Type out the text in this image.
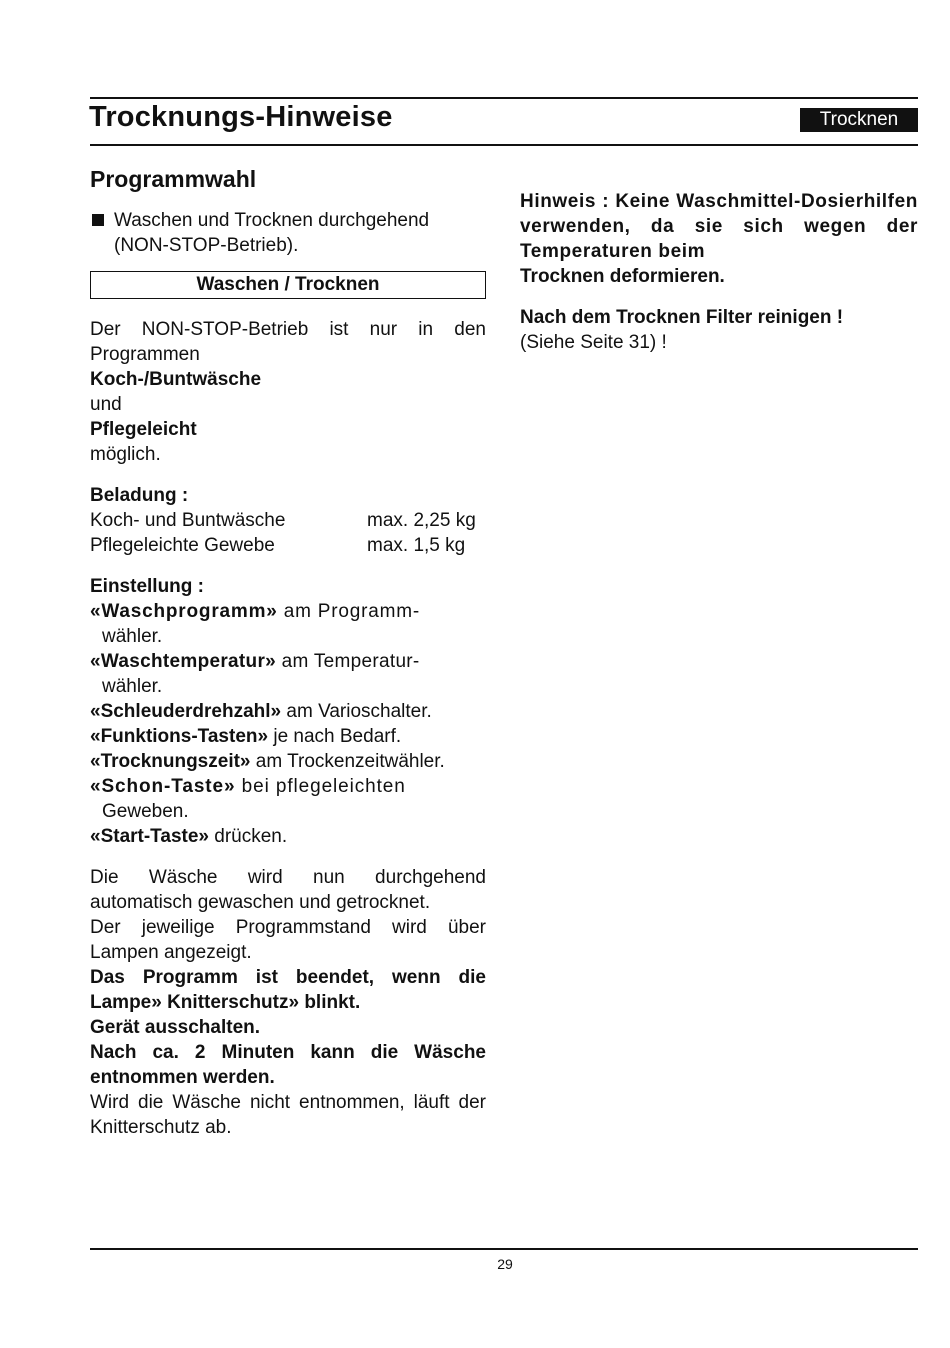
Trocknungs-Hinweise	Trocknen
Programmwahl

Waschen und Trocknen durchgehend (NON-STOP-Betrieb).

Waschen / Trocknen

Der NON-STOP-Betrieb ist nur in den Programmen

Koch-/Buntwäsche

und

Pflegeleicht

möglich.

Beladung :

Koch- und Buntwäsche	max. 2,25 kg
Pflegeleichte Gewebe	max. 1,5 kg

Einstellung :

«Waschprogramm» am Programm-

wähler.

«Waschtemperatur» am Temperatur-

wähler.

«Schleuderdrehzahl» am Varioschalter.

«Funktions-Tasten» je nach Bedarf.

«Trocknungszeit» am Trockenzeitwähler.

«Schon-Taste» bei pflegeleichten

Geweben.

«Start-Taste» drücken.

Die Wäsche wird nun durchgehend automatisch gewaschen und getrocknet.

Der jeweilige Programmstand wird über Lampen angezeigt.

Das Programm ist beendet, wenn die Lampe» Knitterschutz» blinkt.

Gerät ausschalten.

Nach ca. 2 Minuten kann die Wäsche entnommen werden.

Wird die Wäsche nicht entnommen, läuft der Knitterschutz ab.

Hinweis : Keine Waschmittel-Dosierhilfen verwenden, da sie sich wegen der Temperaturen beim

Trocknen deformieren.

Nach dem Trocknen Filter reinigen !

(Siehe Seite 31) !

29
